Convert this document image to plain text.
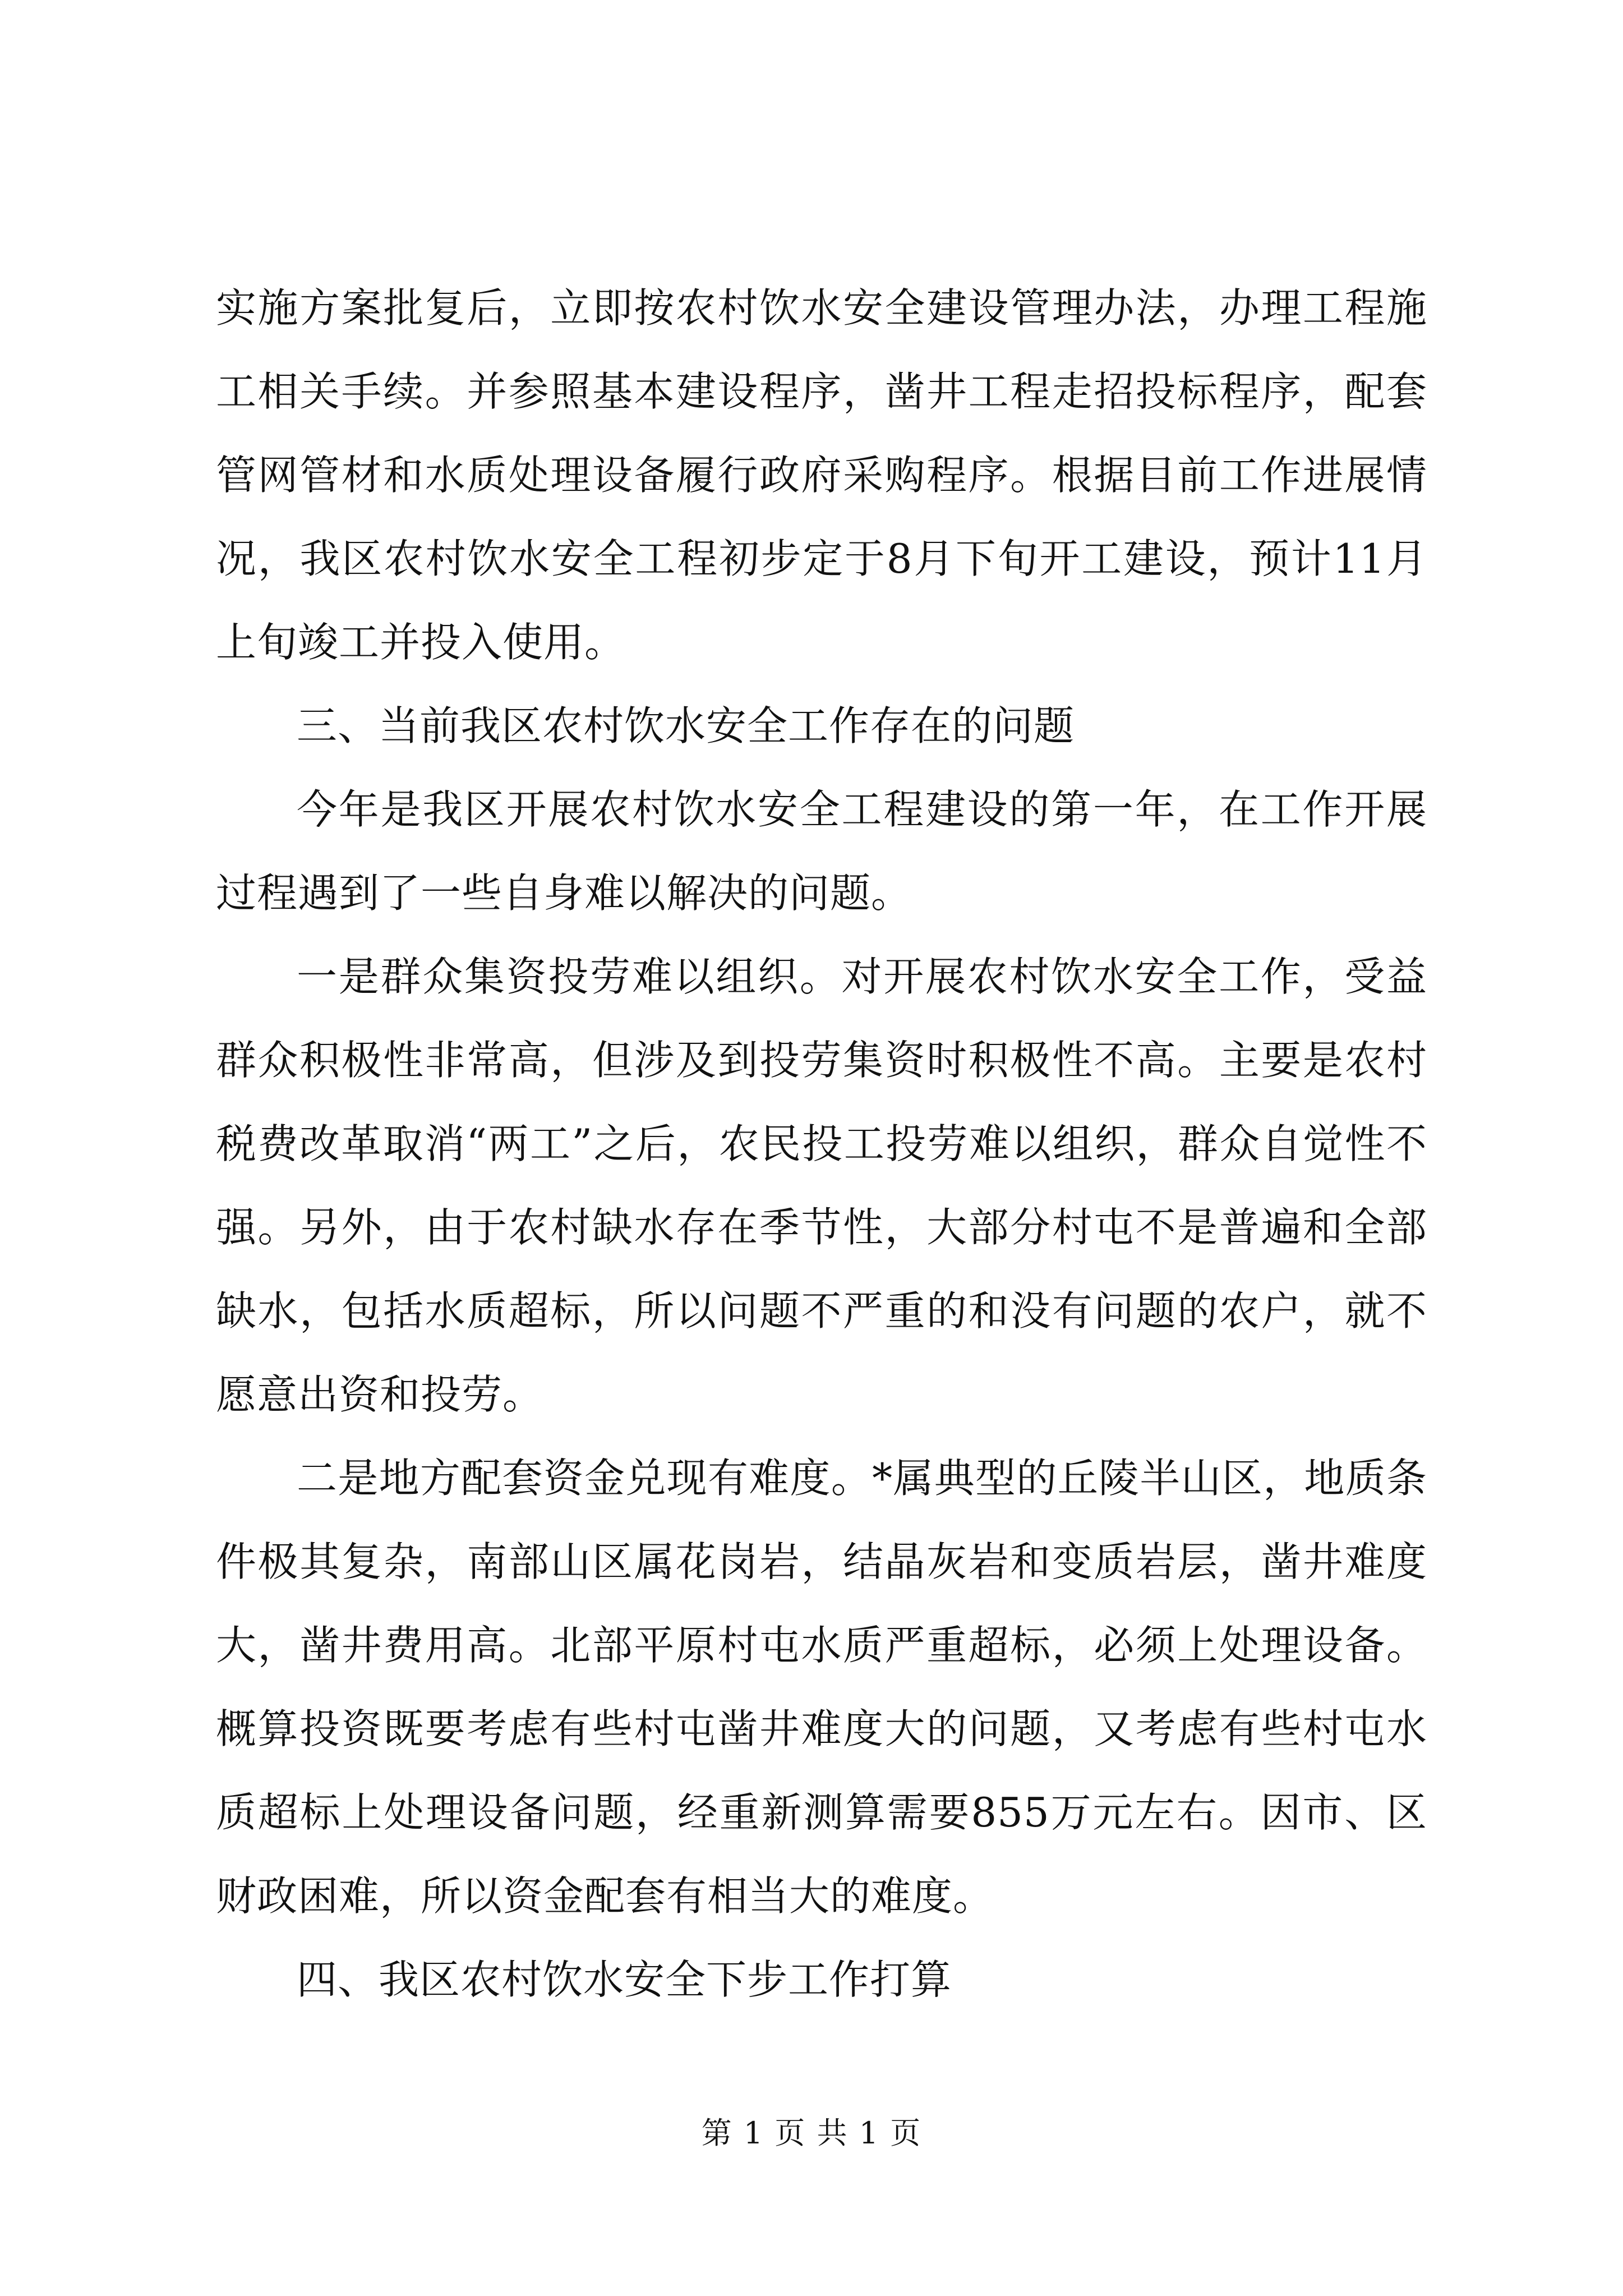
实施方案批复后，立即按农村饮水安全建设管理办法，办理工程施工相关手续。并参照基本建设程序，凿井工程走招投标程序，配套管网管材和水质处理设备履行政府采购程序。根据目前工作进展情况，我区农村饮水安全工程初步定于8月下旬开工建设，预计11月上旬竣工并投入使用。

三、当前我区农村饮水安全工作存在的问题

今年是我区开展农村饮水安全工程建设的第一年，在工作开展过程遇到了一些自身难以解决的问题。

一是群众集资投劳难以组织。对开展农村饮水安全工作，受益群众积极性非常高，但涉及到投劳集资时积极性不高。主要是农村税费改革取消“两工”之后，农民投工投劳难以组织，群众自觉性不强。另外，由于农村缺水存在季节性，大部分村屯不是普遍和全部缺水，包括水质超标，所以问题不严重的和没有问题的农户，就不愿意出资和投劳。

二是地方配套资金兑现有难度。*属典型的丘陵半山区，地质条件极其复杂，南部山区属花岗岩，结晶灰岩和变质岩层，凿井难度大，凿井费用高。北部平原村屯水质严重超标，必须上处理设备。概算投资既要考虑有些村屯凿井难度大的问题，又考虑有些村屯水质超标上处理设备问题，经重新测算需要855万元左右。因市、区财政困难，所以资金配套有相当大的难度。

四、我区农村饮水安全下步工作打算

第 1 页 共 1 页
